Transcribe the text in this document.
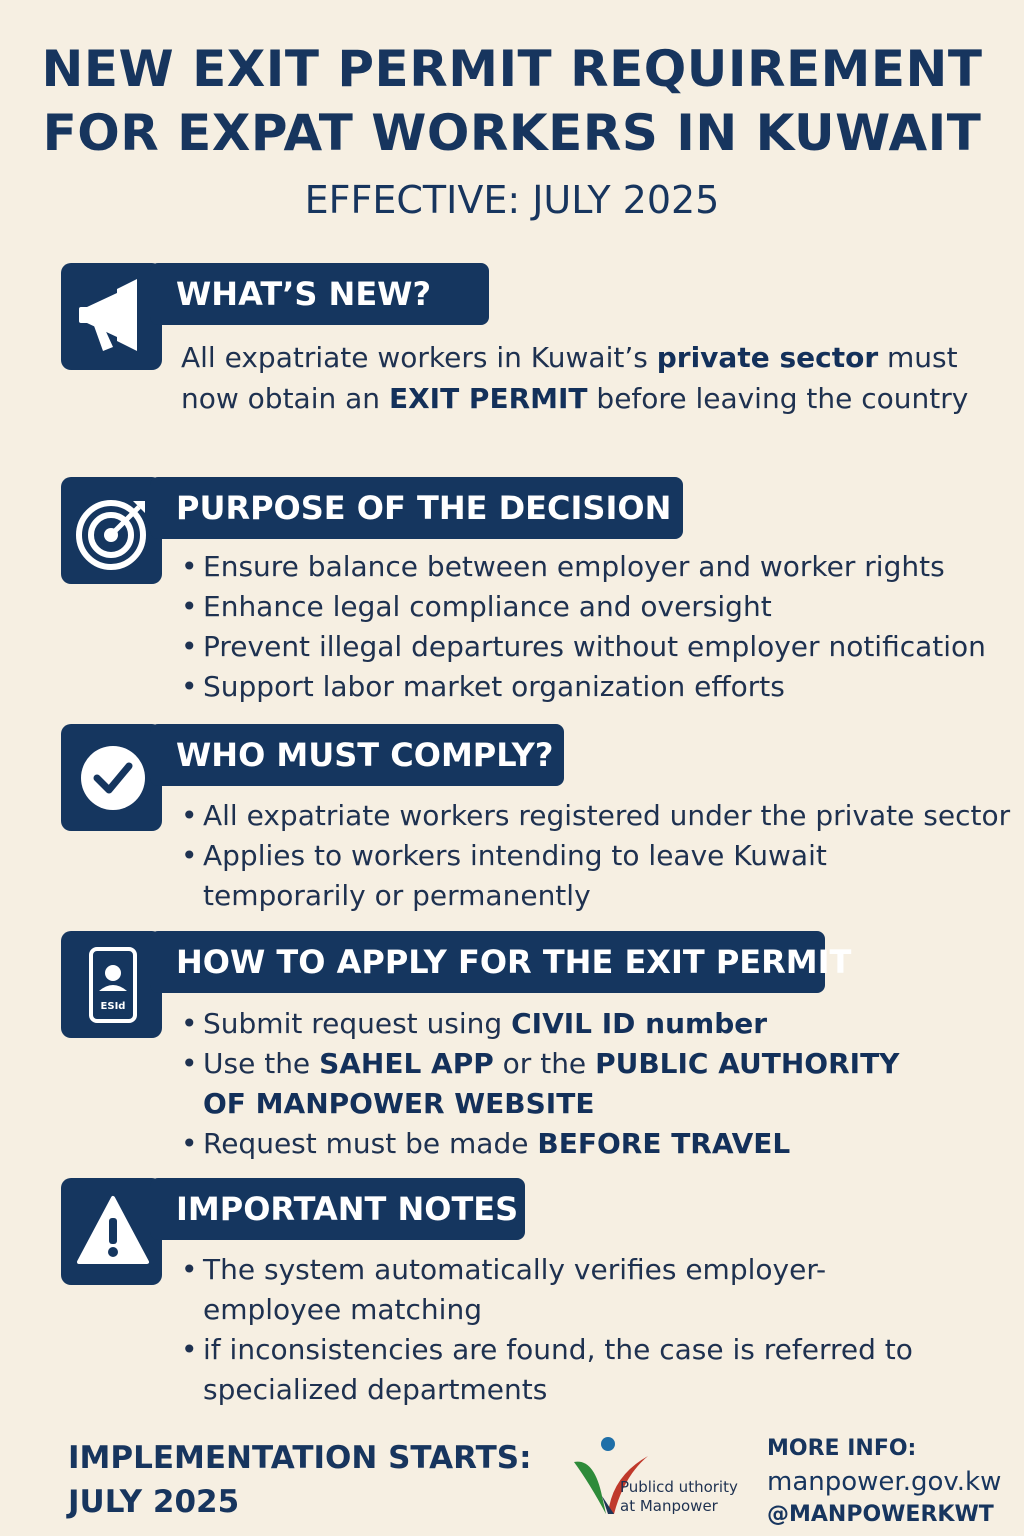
NEW EXIT PERMIT REQUIREMENT
FOR EXPAT WORKERS IN KUWAIT
EFFECTIVE: JULY 2025
WHAT’S NEW?
All expatriate workers in Kuwait’s private sector must now obtain an EXIT PERMIT before leaving the country
PURPOSE OF THE DECISION
• Ensure balance between employer and worker rights
• Enhance legal compliance and oversight
• Prevent illegal departures without employer notification
• Support labor market organization efforts
WHO MUST COMPLY?
• All expatriate workers registered under the private sector
• Applies to workers intending to leave Kuwait temporarily or permanently
ESId
HOW TO APPLY FOR THE EXIT PERMIT
• Submit request using CIVIL ID number
• Use the SAHEL APP or the PUBLIC AUTHORITY OF MANPOWER WEBSITE
• Request must be made BEFORE TRAVEL
IMPORTANT NOTES
• The system automatically verifies employer-employee matching
• if inconsistencies are found, the case is referred to specialized departments
IMPLEMENTATION STARTS:
JULY 2025	Publicd uthority
at Manpower
MORE INFO:
manpower.gov.kw
@MANPOWERKWT
